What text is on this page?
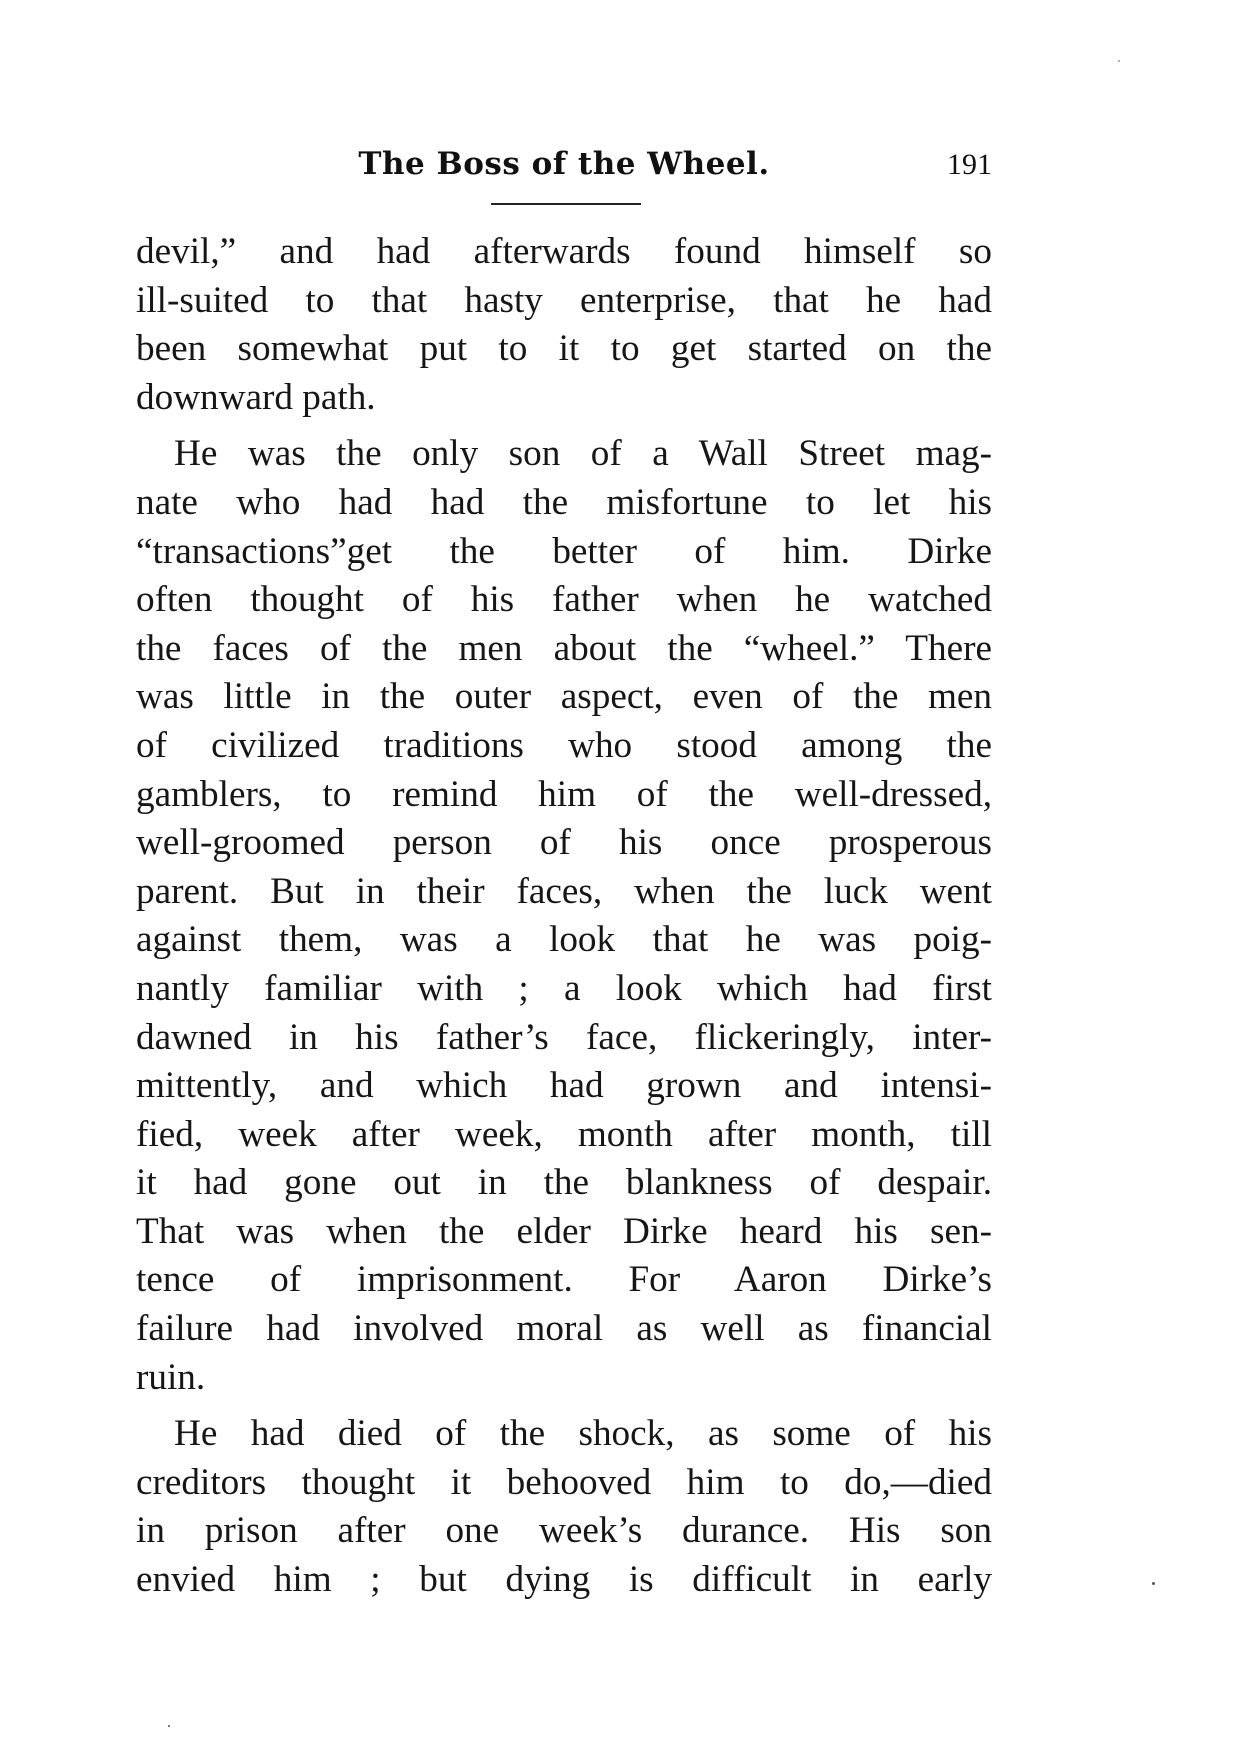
The Boss of the Wheel.	191

devil,” and had afterwards found himself so

ill-suited to that hasty enterprise, that he had

been somewhat put to it to get started on the

downward path.

He was the only son of a Wall Street mag-

nate who had had the misfortune to let his

“transactions”get the better of him. Dirke

often thought of his father when he watched

the faces of the men about the “wheel.” There

was little in the outer aspect, even of the men

of civilized traditions who stood among the

gamblers, to remind him of the well-dressed,

well-groomed person of his once prosperous

parent. But in their faces, when the luck went

against them, was a look that he was poig-

nantly familiar with ; a look which had first

dawned in his father’s face, flickeringly, inter-

mittently, and which had grown and intensi-

fied, week after week, month after month, till

it had gone out in the blankness of despair.

That was when the elder Dirke heard his sen-

tence of imprisonment. For Aaron Dirke’s

failure had involved moral as well as financial

ruin.

He had died of the shock, as some of his

creditors thought it behooved him to do,—died

in prison after one week’s durance. His son

envied him ; but dying is difficult in early
